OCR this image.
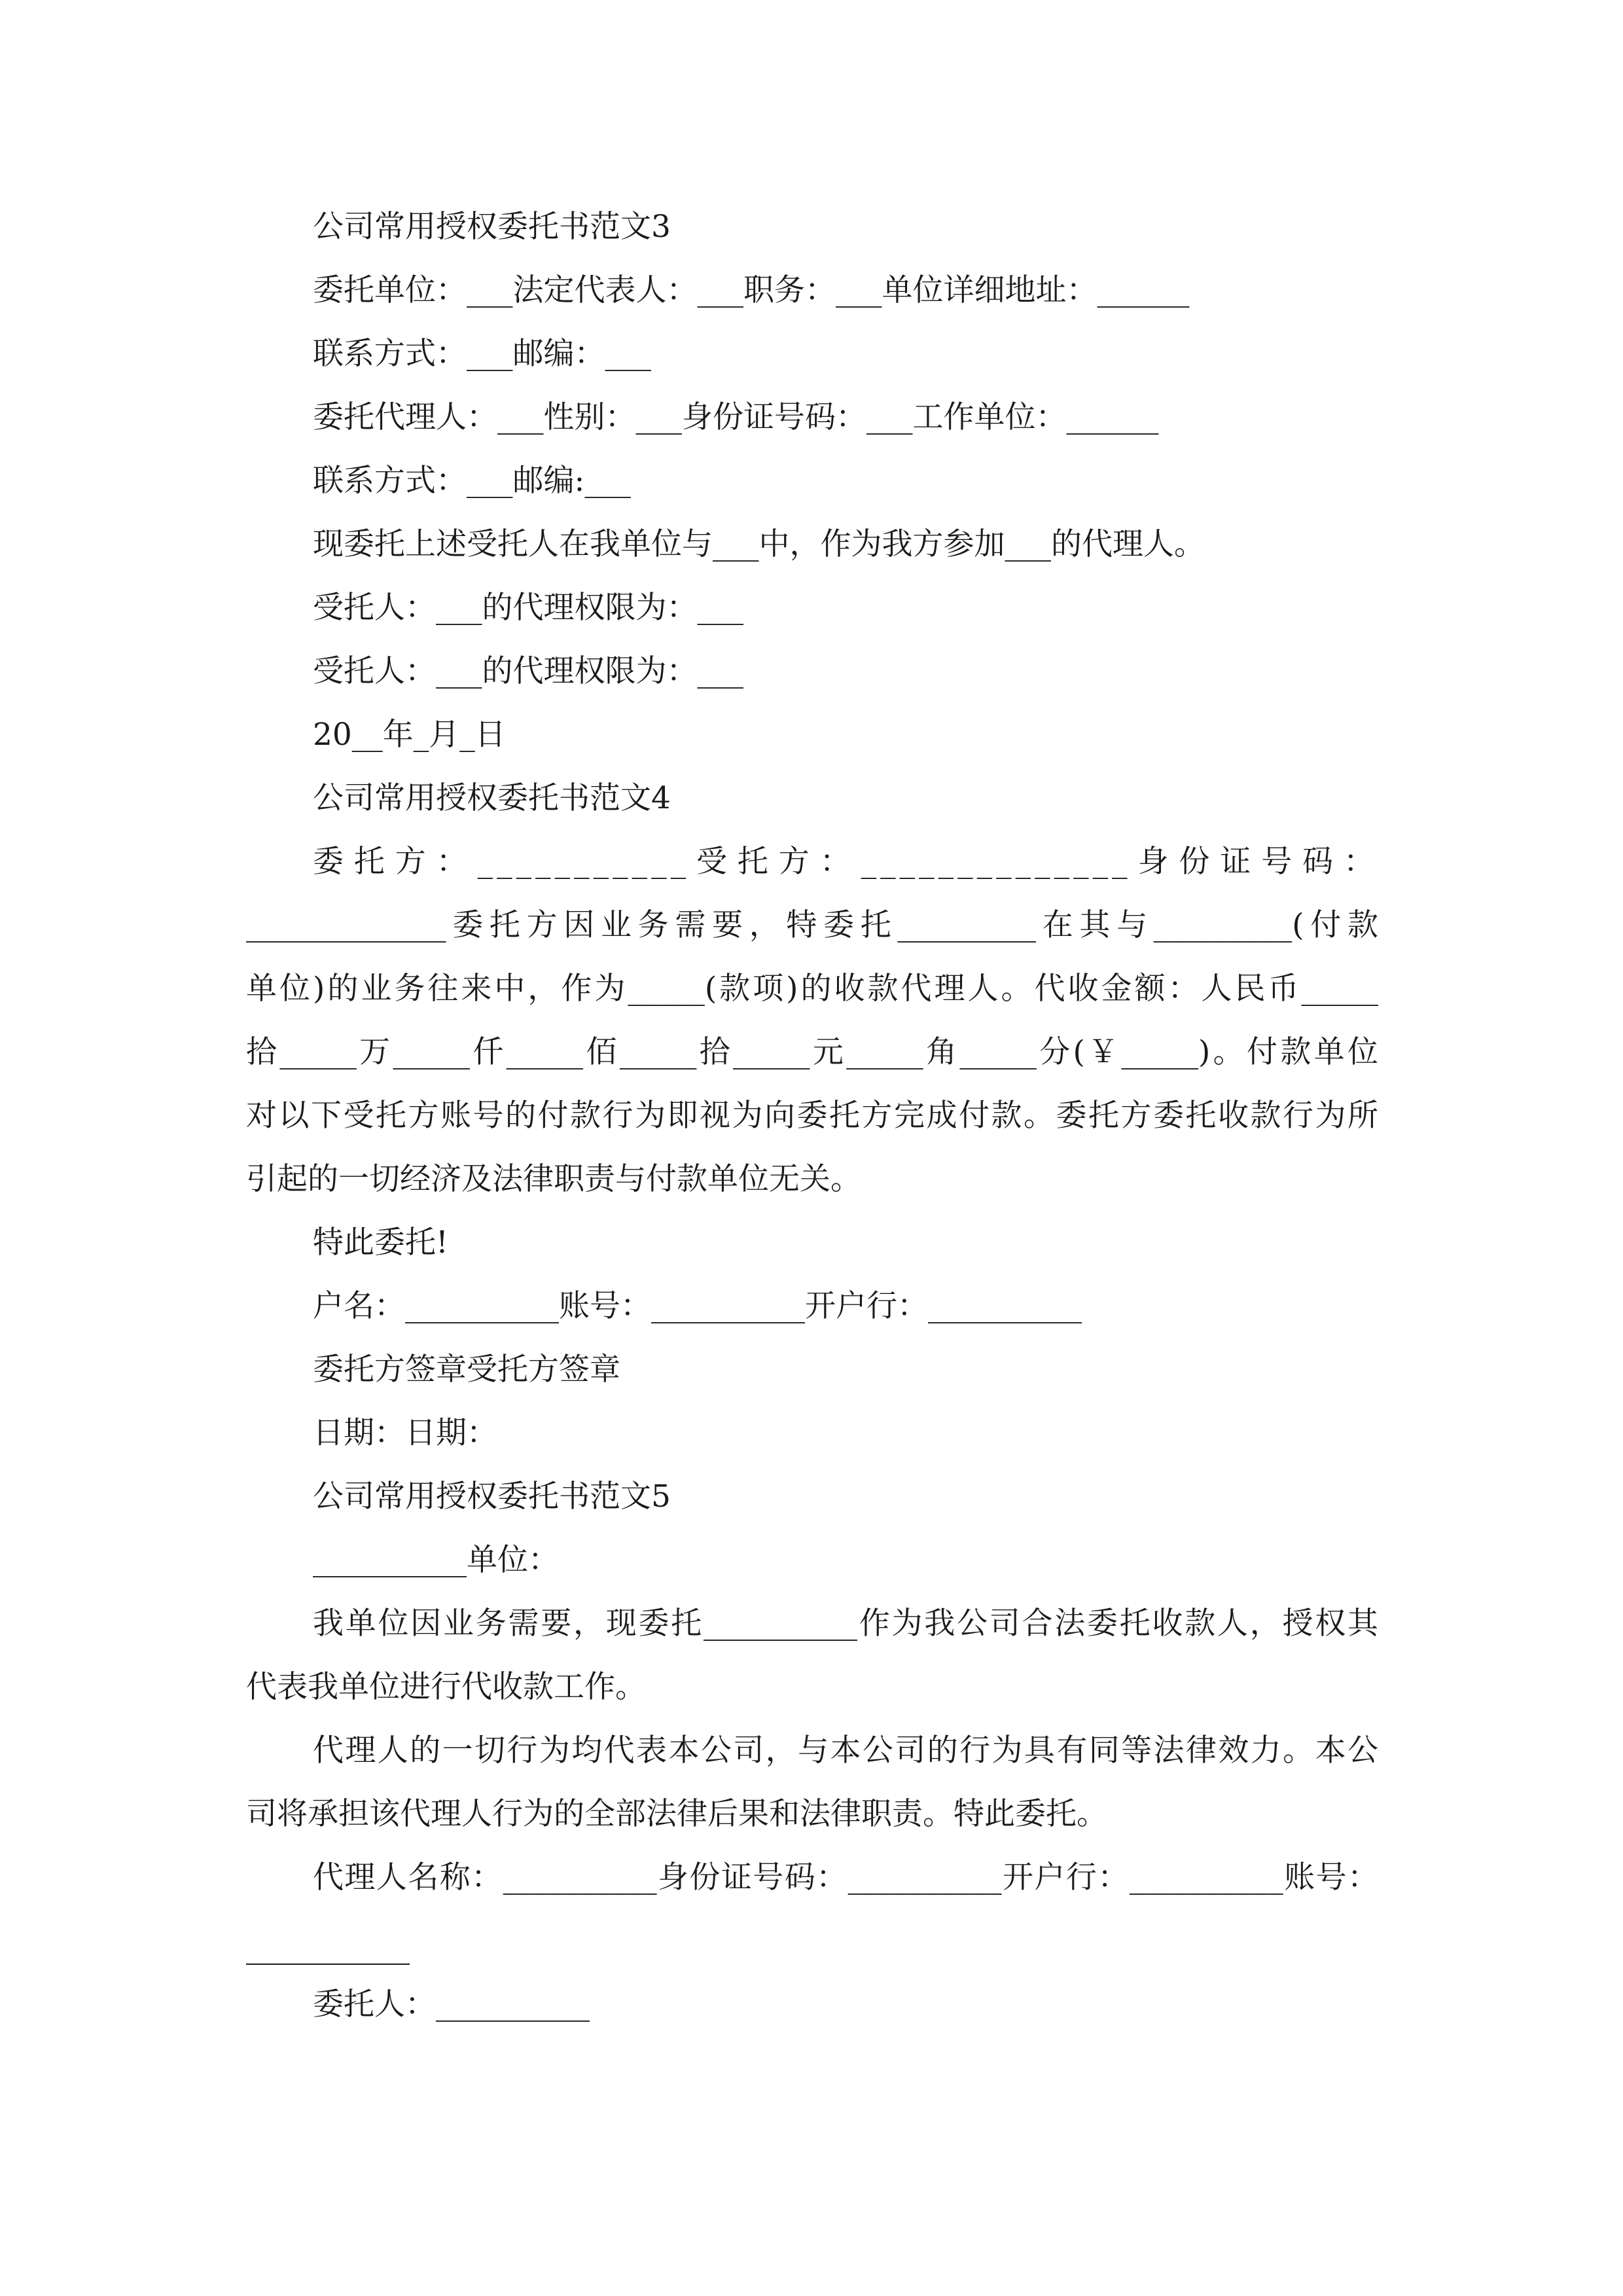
公司常用授权委托书范文3

委托单位：___法定代表人：___职务：___单位详细地址：______

联系方式：___邮编：___

委托代理人：___性别：___身份证号码：___工作单位：______

联系方式：___邮编:___

现委托上述受托人在我单位与___中，作为我方参加___的代理人。

受托人：___的代理权限为：___

受托人：___的代理权限为：___

20__年_月_日

公司常用授权委托书范文4

委托方：___________受托方：______________身份证号码：

_____________委托方因业务需要，特委托_________在其与_________(付款

单位)的业务往来中，作为_____(款项)的收款代理人。代收金额：人民币_____

拾_____万_____仟_____佰_____拾_____元_____角_____分(￥_____)。付款单位

对以下受托方账号的付款行为即视为向委托方完成付款。委托方委托收款行为所

引起的一切经济及法律职责与付款单位无关。

特此委托!

户名：__________账号：__________开户行：__________

委托方签章受托方签章

日期：日期：

公司常用授权委托书范文5

__________单位：

我单位因业务需要，现委托__________作为我公司合法委托收款人，授权其

代表我单位进行代收款工作。

代理人的一切行为均代表本公司，与本公司的行为具有同等法律效力。本公

司将承担该代理人行为的全部法律后果和法律职责。特此委托。

代理人名称：__________身份证号码：__________开户行：__________账号：

委托人：__________
